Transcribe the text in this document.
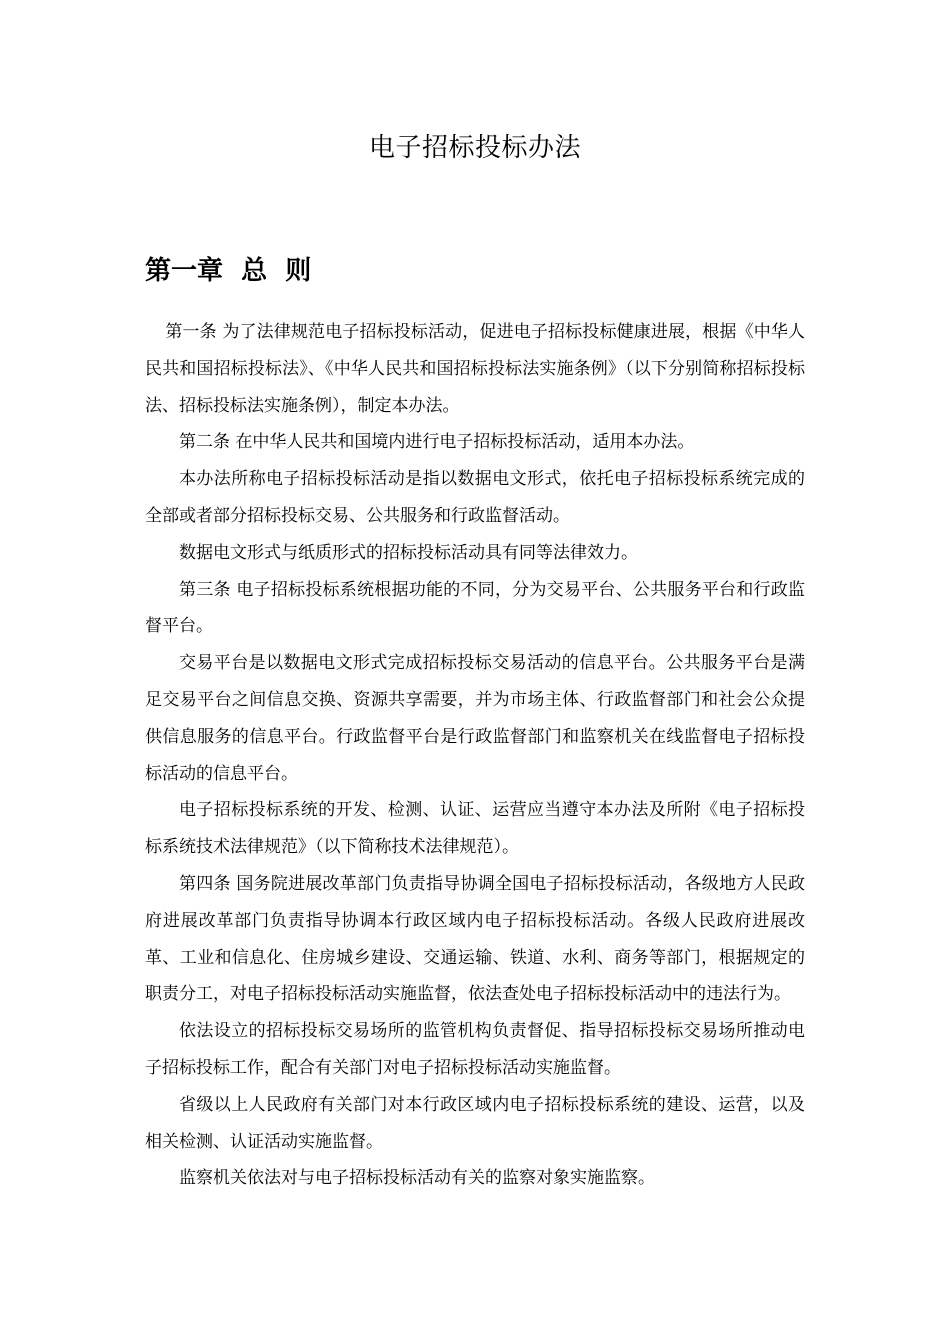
电子招标投标办法
第一章  总  则

第一条 为了法律规范电子招标投标活动，促进电子招标投标健康进展，根据《中华人民共和国招标投标法》、《中华人民共和国招标投标法实施条例》（以下分别简称招标投标法、招标投标法实施条例），制定本办法。

第二条 在中华人民共和国境内进行电子招标投标活动，适用本办法。

本办法所称电子招标投标活动是指以数据电文形式，依托电子招标投标系统完成的全部或者部分招标投标交易、公共服务和行政监督活动。

数据电文形式与纸质形式的招标投标活动具有同等法律效力。

第三条 电子招标投标系统根据功能的不同，分为交易平台、公共服务平台和行政监督平台。

交易平台是以数据电文形式完成招标投标交易活动的信息平台。公共服务平台是满足交易平台之间信息交换、资源共享需要，并为市场主体、行政监督部门和社会公众提供信息服务的信息平台。行政监督平台是行政监督部门和监察机关在线监督电子招标投标活动的信息平台。

电子招标投标系统的开发、检测、认证、运营应当遵守本办法及所附《电子招标投标系统技术法律规范》（以下简称技术法律规范）。

第四条 国务院进展改革部门负责指导协调全国电子招标投标活动，各级地方人民政府进展改革部门负责指导协调本行政区域内电子招标投标活动。各级人民政府进展改革、工业和信息化、住房城乡建设、交通运输、铁道、水利、商务等部门，根据规定的职责分工，对电子招标投标活动实施监督，依法查处电子招标投标活动中的违法行为。

依法设立的招标投标交易场所的监管机构负责督促、指导招标投标交易场所推动电子招标投标工作，配合有关部门对电子招标投标活动实施监督。

省级以上人民政府有关部门对本行政区域内电子招标投标系统的建设、运营，以及相关检测、认证活动实施监督。

监察机关依法对与电子招标投标活动有关的监察对象实施监察。
